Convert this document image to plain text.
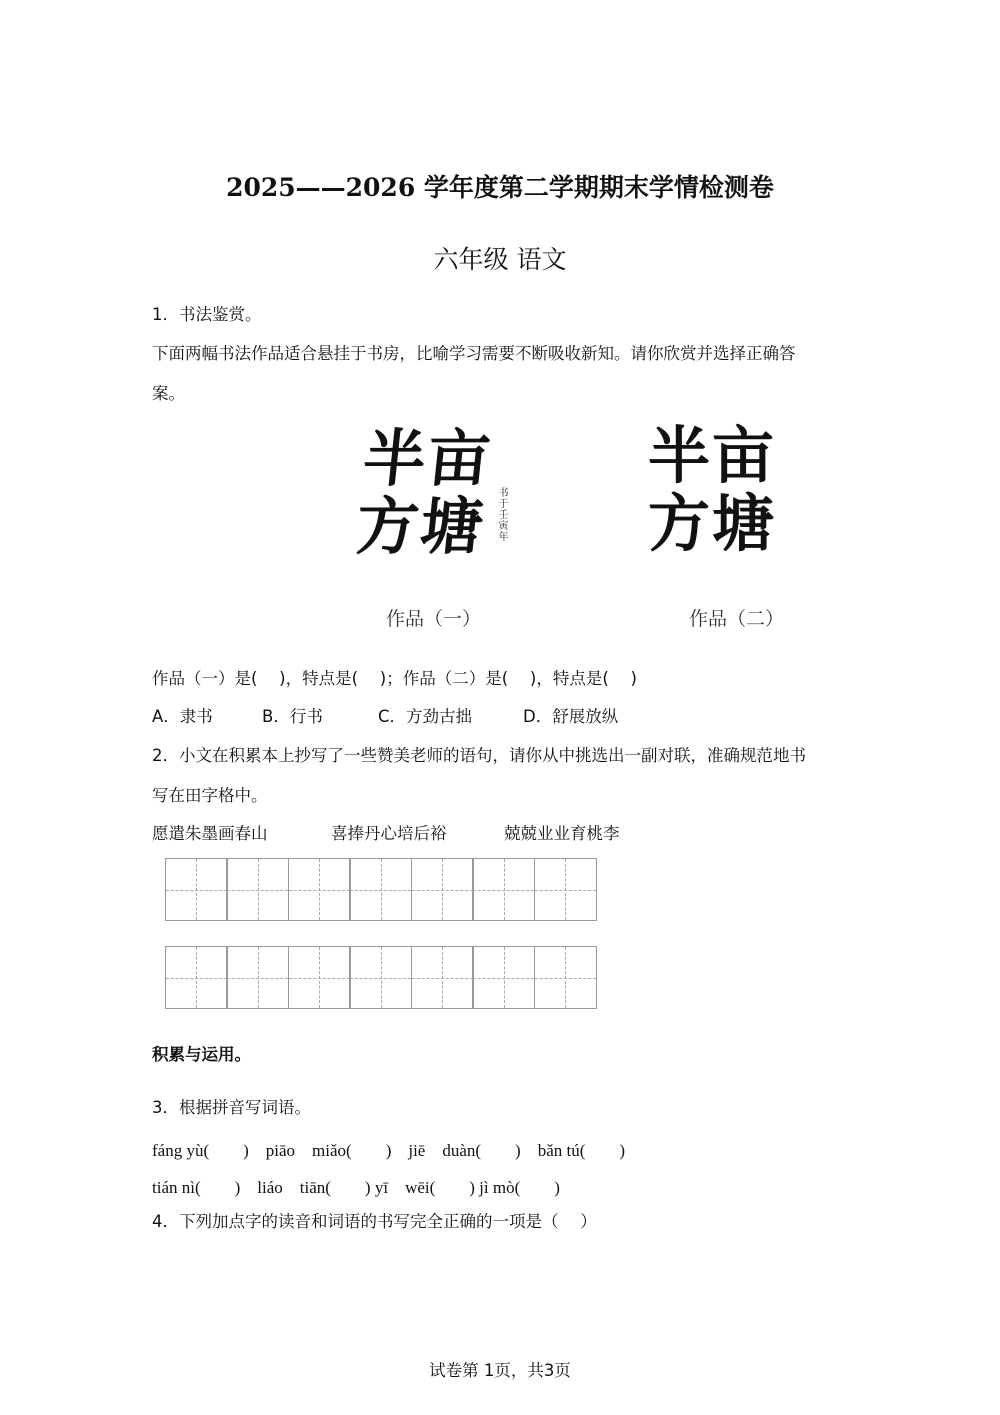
2025——2026 学年度第二学期期末学情检测卷
六年级 语文
1．书法鉴赏。
下面两幅书法作品适合悬挂于书房，比喻学习需要不断吸收新知。请你欣赏并选择正确答
案。
半亩
方塘 书于壬寅年
作品（一）
半亩
方塘
作品（二）
作品（一）是(　 )，特点是(　 )；作品（二）是(　 )，特点是(　 )
A．隶书	B．行书	C．方劲古拙	D．舒展放纵
2．小文在积累本上抄写了一些赞美老师的语句，请你从中挑选出一副对联，准确规范地书
写在田字格中。
愿遣朱墨画春山	喜捧丹心培后裕	兢兢业业育桃李
积累与运用。
3．根据拼音写词语。
fáng yù(　　)　piāo　miǎo(　　)　jiē　duàn(　　)　bǎn tú(　　)
tián nì(　　)　liáo　tiān(　　) yī　wēi(　　) jì mò(　　)
4．下列加点字的读音和词语的书写完全正确的一项是（　 ）
试卷第 1页，共3页
